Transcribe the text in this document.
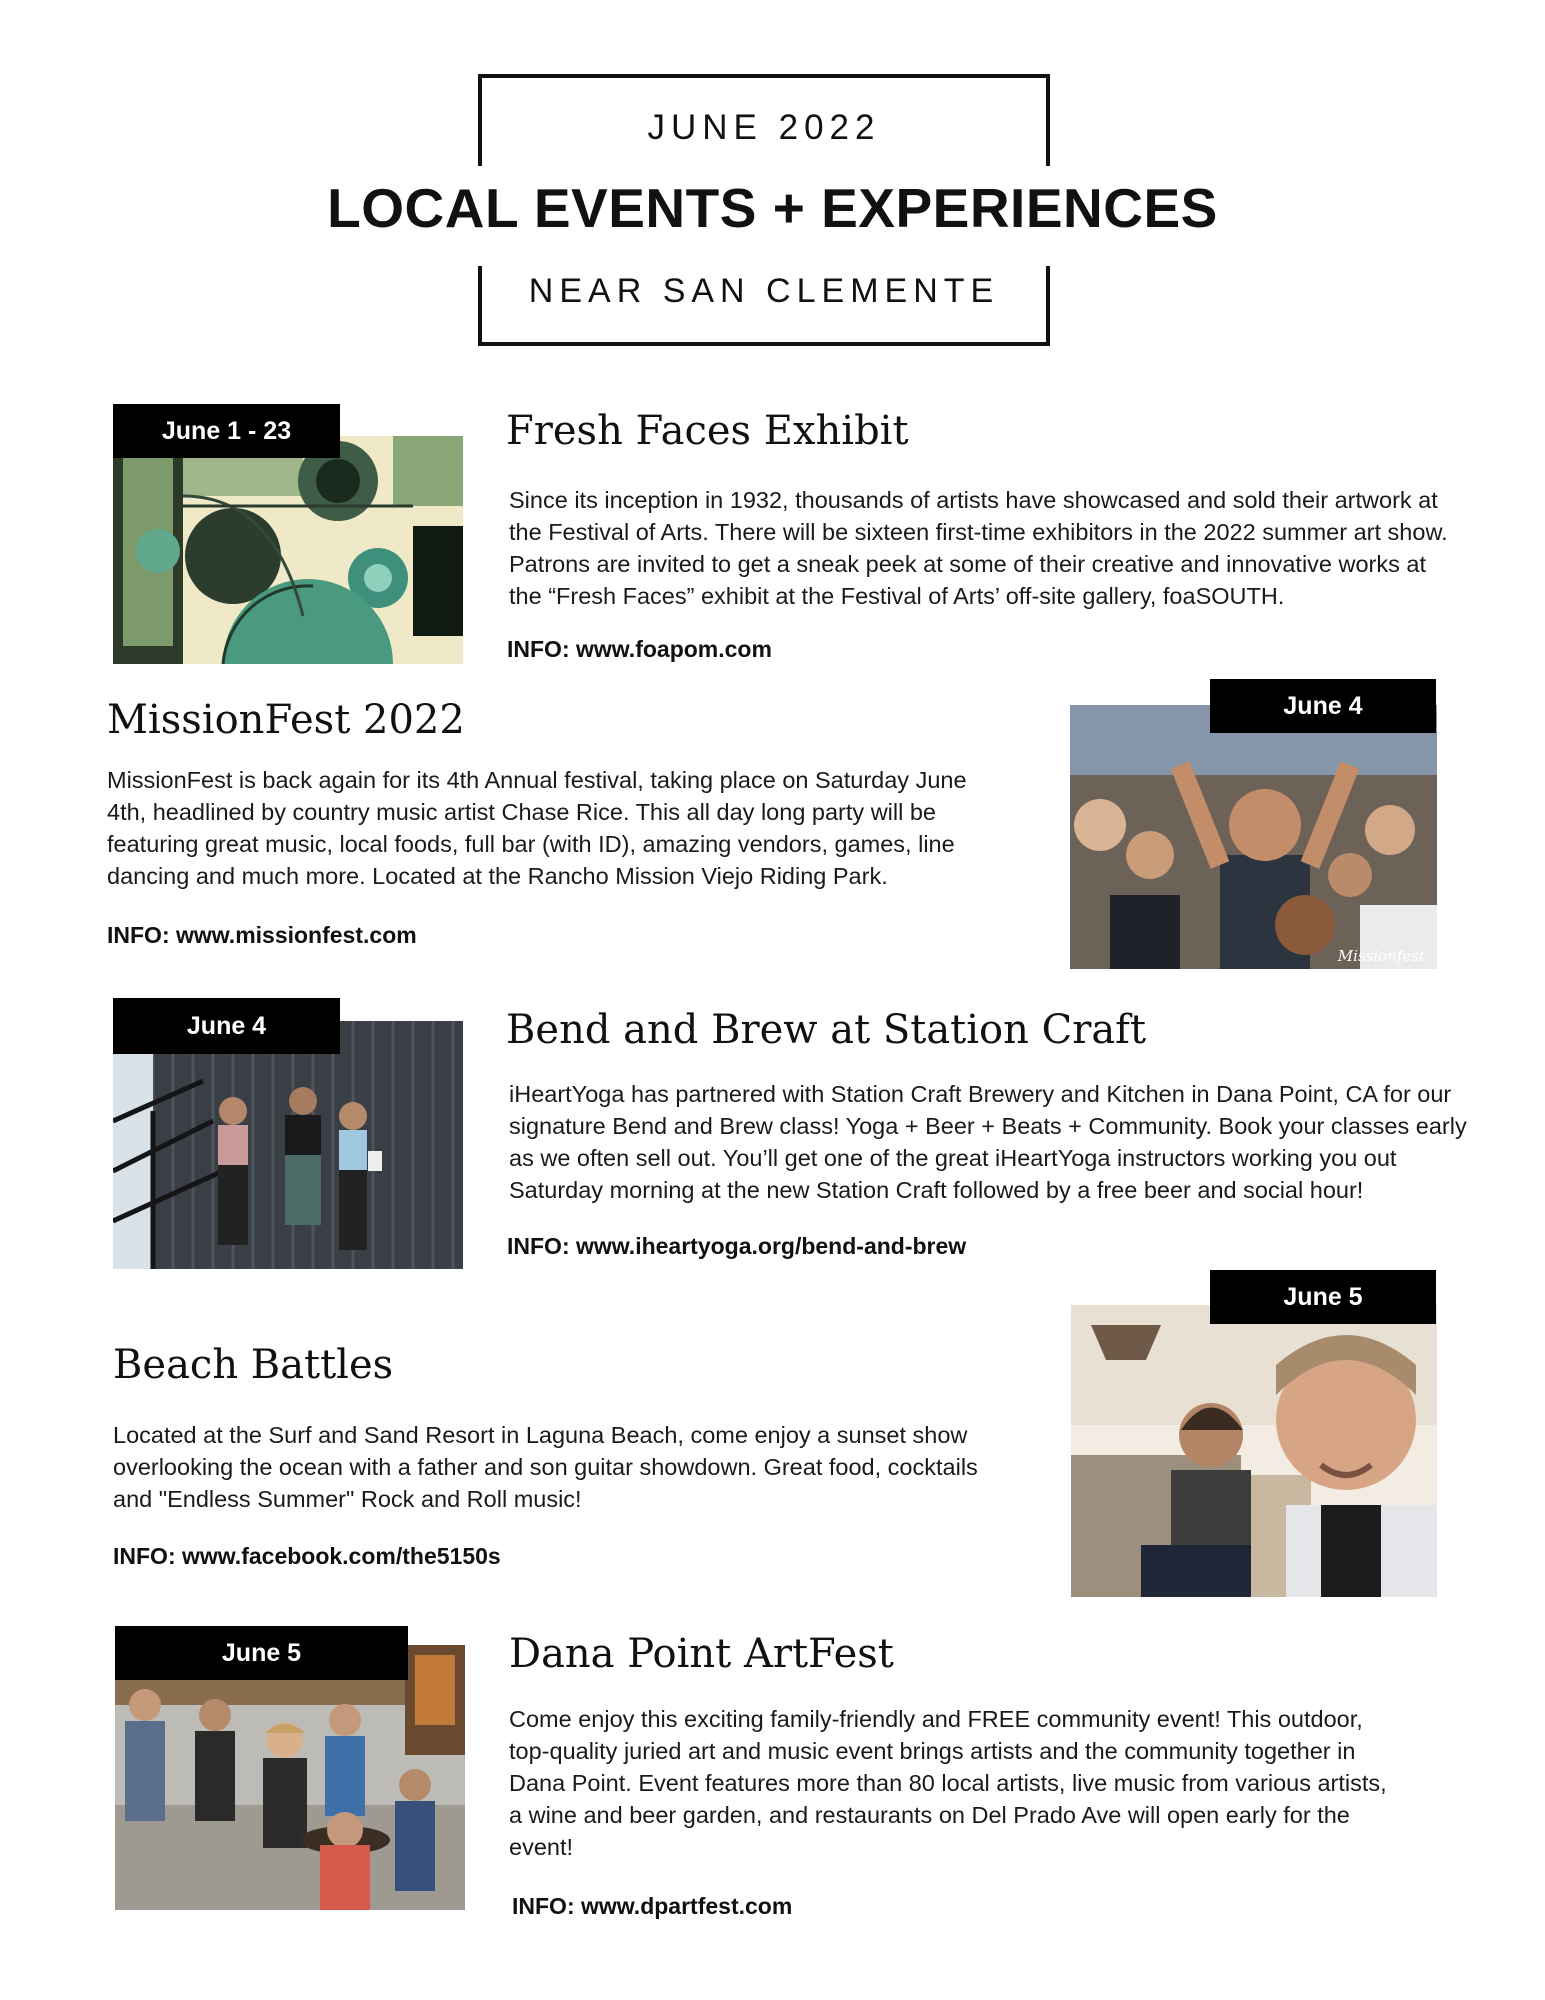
JUNE 2022
LOCAL EVENTS + EXPERIENCES
NEAR SAN CLEMENTE
June 1 - 23	Fresh Faces Exhibit
Since its inception in 1932, thousands of artists have showcased and sold their artwork at the Festival of Arts. There will be sixteen first-time exhibitors in the 2022 summer art show. Patrons are invited to get a sneak peek at some of their creative and innovative works at the “Fresh Faces” exhibit at the Festival of Arts’ off-site gallery, foaSOUTH.
INFO: www.foapom.com
MissionFest 2022
MissionFest is back again for its 4th Annual festival, taking place on Saturday June 4th, headlined by country music artist Chase Rice. This all day long party will be featuring great music, local foods, full bar (with ID), amazing vendors, games, line dancing and much more. Located at the Rancho Mission Viejo Riding Park.
INFO: www.missionfest.com
Missionfest
June 4
June 4	Bend and Brew at Station Craft
iHeartYoga has partnered with Station Craft Brewery and Kitchen in Dana Point, CA for our signature Bend and Brew class! Yoga + Beer + Beats + Community. Book your classes early as we often sell out. You’ll get one of the great iHeartYoga instructors working you out Saturday morning at the new Station Craft followed by a free beer and social hour!
INFO: www.iheartyoga.org/bend-and-brew
Beach Battles
Located at the Surf and Sand Resort in Laguna Beach, come enjoy a sunset show overlooking the ocean with a father and son guitar showdown. Great food, cocktails and "Endless Summer" Rock and Roll music!
INFO: www.facebook.com/the5150s
June 5
June 5	Dana Point ArtFest
Come enjoy this exciting family-friendly and FREE community event! This outdoor, top-quality juried art and music event brings artists and the community together in Dana Point. Event features more than 80 local artists, live music from various artists, a wine and beer garden, and restaurants on Del Prado Ave will open early for the event!
INFO: www.dpartfest.com
